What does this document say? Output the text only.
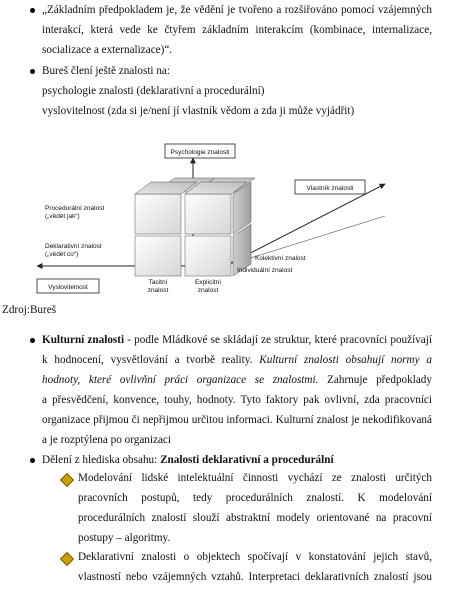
„Základním předpokladem je, že vědění je tvořeno a rozšiřováno pomocí vzájemných
interakcí, která vede ke čtyřem základním interakcím (kombinace, internalizace,
socializace a externalizace)“.
Bureš člení ještě znalosti na:
psychologie znalosti (deklarativní a procedurální)
vyslovitelnost (zda si je/není jí vlastník vědom a zda ji může vyjádřit)
Psychologie znalosti
Vlastník znalosti
Vyslovitelnost
Procedurální znalost
(„vědět jak“)
Deklarativní znalost
(„vědět co“)
Kolektivní znalost
Individuální znalost
Tacitní
znalost
Explicitní
znalost
Zdroj:Bureš
Kulturní znalosti - podle Mládkové se skládají ze struktur, které pracovníci používají
k hodnocení, vysvětlování a tvorbě reality. Kulturní znalosti obsahují normy a
hodnoty, které ovlivňní práci organizace se znalostmi. Zahrnuje předpoklady
a přesvědčení, konvence, touhy, hodnoty. Tyto faktory pak ovlivní, zda pracovníci
organizace přijmou či nepřijmou určitou informaci. Kulturní znalost je nekodifikovaná
a je rozptýlena po organizaci
Dělení z hlediska obsahu: Znalosti deklarativní a procedurální
Modelování lidské intelektuální činnosti vychází ze znalosti určitých
pracovních postupů, tedy procedurálních znalostí. K modelování
procedurálních znalostí slouží abstraktní modely orientované na pracovní
postupy – algoritmy.
Deklarativní znalosti o objektech spočívají v konstatování jejich stavů,
vlastností nebo vzájemných vztahů. Interpretaci deklarativních znalostí jsou
